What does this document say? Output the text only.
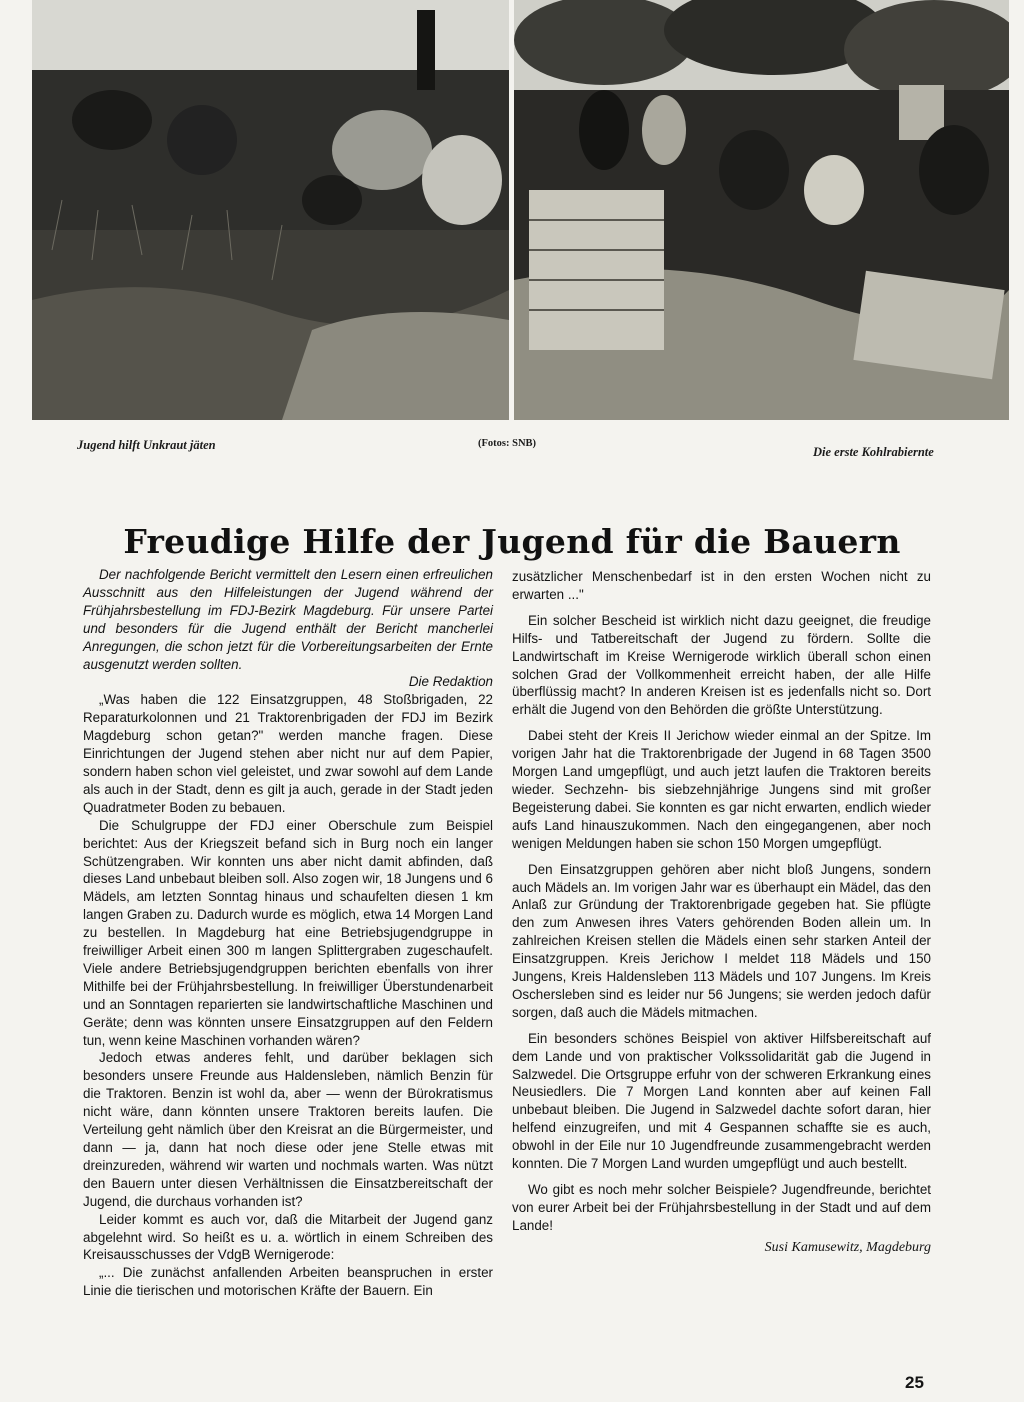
Jugend hilft Unkraut jäten	(Fotos: SNB)
Die erste Kohlrabiernte
Freudige Hilfe der Jugend für die Bauern

Der nachfolgende Bericht vermittelt den Lesern einen erfreulichen Ausschnitt aus den Hilfeleistungen der Jugend während der Frühjahrsbestellung im FDJ-Bezirk Magdeburg. Für unsere Partei und besonders für die Jugend enthält der Bericht mancherlei Anregungen, die schon jetzt für die Vorbereitungsarbeiten der Ernte ausgenutzt werden sollten.

Die Redaktion

„Was haben die 122 Einsatzgruppen, 48 Stoßbrigaden, 22 Reparaturkolonnen und 21 Traktorenbrigaden der FDJ im Bezirk Magdeburg schon getan?" werden manche fragen. Diese Einrichtungen der Jugend stehen aber nicht nur auf dem Papier, sondern haben schon viel geleistet, und zwar sowohl auf dem Lande als auch in der Stadt, denn es gilt ja auch, gerade in der Stadt jeden Quadratmeter Boden zu bebauen.

Die Schulgruppe der FDJ einer Oberschule zum Beispiel berichtet: Aus der Kriegszeit befand sich in Burg noch ein langer Schützengraben. Wir konnten uns aber nicht damit abfinden, daß dieses Land unbebaut bleiben soll. Also zogen wir, 18 Jungens und 6 Mädels, am letzten Sonntag hinaus und schaufelten diesen 1 km langen Graben zu. Dadurch wurde es möglich, etwa 14 Morgen Land zu bestellen. In Magdeburg hat eine Betriebsjugendgruppe in freiwilliger Arbeit einen 300 m langen Splittergraben zugeschaufelt. Viele andere Betriebsjugendgruppen berichten ebenfalls von ihrer Mithilfe bei der Frühjahrsbestellung. In freiwilliger Überstundenarbeit und an Sonntagen reparierten sie landwirtschaftliche Maschinen und Geräte; denn was könnten unsere Einsatzgruppen auf den Feldern tun, wenn keine Maschinen vorhanden wären?

Jedoch etwas anderes fehlt, und darüber beklagen sich besonders unsere Freunde aus Haldensleben, nämlich Benzin für die Traktoren. Benzin ist wohl da, aber — wenn der Bürokratismus nicht wäre, dann könnten unsere Traktoren bereits laufen. Die Verteilung geht nämlich über den Kreisrat an die Bürgermeister, und dann — ja, dann hat noch diese oder jene Stelle etwas mit dreinzureden, während wir warten und nochmals warten. Was nützt den Bauern unter diesen Verhältnissen die Einsatzbereitschaft der Jugend, die durchaus vorhanden ist?

Leider kommt es auch vor, daß die Mitarbeit der Jugend ganz abgelehnt wird. So heißt es u. a. wörtlich in einem Schreiben des Kreisausschusses der VdgB Wernigerode:

„... Die zunächst anfallenden Arbeiten beanspruchen in erster Linie die tierischen und motorischen Kräfte der Bauern. Ein

zusätzlicher Menschenbedarf ist in den ersten Wochen nicht zu erwarten ..."

Ein solcher Bescheid ist wirklich nicht dazu geeignet, die freudige Hilfs- und Tatbereitschaft der Jugend zu fördern. Sollte die Landwirtschaft im Kreise Wernigerode wirklich überall schon einen solchen Grad der Vollkommenheit erreicht haben, der alle Hilfe überflüssig macht? In anderen Kreisen ist es jedenfalls nicht so. Dort erhält die Jugend von den Behörden die größte Unterstützung.

Dabei steht der Kreis II Jerichow wieder einmal an der Spitze. Im vorigen Jahr hat die Traktorenbrigade der Jugend in 68 Tagen 3500 Morgen Land umgepflügt, und auch jetzt laufen die Traktoren bereits wieder. Sechzehn- bis siebzehnjährige Jungens sind mit großer Begeisterung dabei. Sie konnten es gar nicht erwarten, endlich wieder aufs Land hinauszukommen. Nach den eingegangenen, aber noch wenigen Meldungen haben sie schon 150 Morgen umgepflügt.

Den Einsatzgruppen gehören aber nicht bloß Jungens, sondern auch Mädels an. Im vorigen Jahr war es überhaupt ein Mädel, das den Anlaß zur Gründung der Traktorenbrigade gegeben hat. Sie pflügte den zum Anwesen ihres Vaters gehörenden Boden allein um. In zahlreichen Kreisen stellen die Mädels einen sehr starken Anteil der Einsatzgruppen. Kreis Jerichow I meldet 118 Mädels und 150 Jungens, Kreis Haldensleben 113 Mädels und 107 Jungens. Im Kreis Oschersleben sind es leider nur 56 Jungens; sie werden jedoch dafür sorgen, daß auch die Mädels mitmachen.

Ein besonders schönes Beispiel von aktiver Hilfsbereitschaft auf dem Lande und von praktischer Volkssolidarität gab die Jugend in Salzwedel. Die Ortsgruppe erfuhr von der schweren Erkrankung eines Neusiedlers. Die 7 Morgen Land konnten aber auf keinen Fall unbebaut bleiben. Die Jugend in Salzwedel dachte sofort daran, hier helfend einzugreifen, und mit 4 Gespannen schaffte sie es auch, obwohl in der Eile nur 10 Jugendfreunde zusammengebracht werden konnten. Die 7 Morgen Land wurden umgepflügt und auch bestellt.

Wo gibt es noch mehr solcher Beispiele? Jugendfreunde, berichtet von eurer Arbeit bei der Frühjahrsbestellung in der Stadt und auf dem Lande!

Susi Kamusewitz, Magdeburg
25
